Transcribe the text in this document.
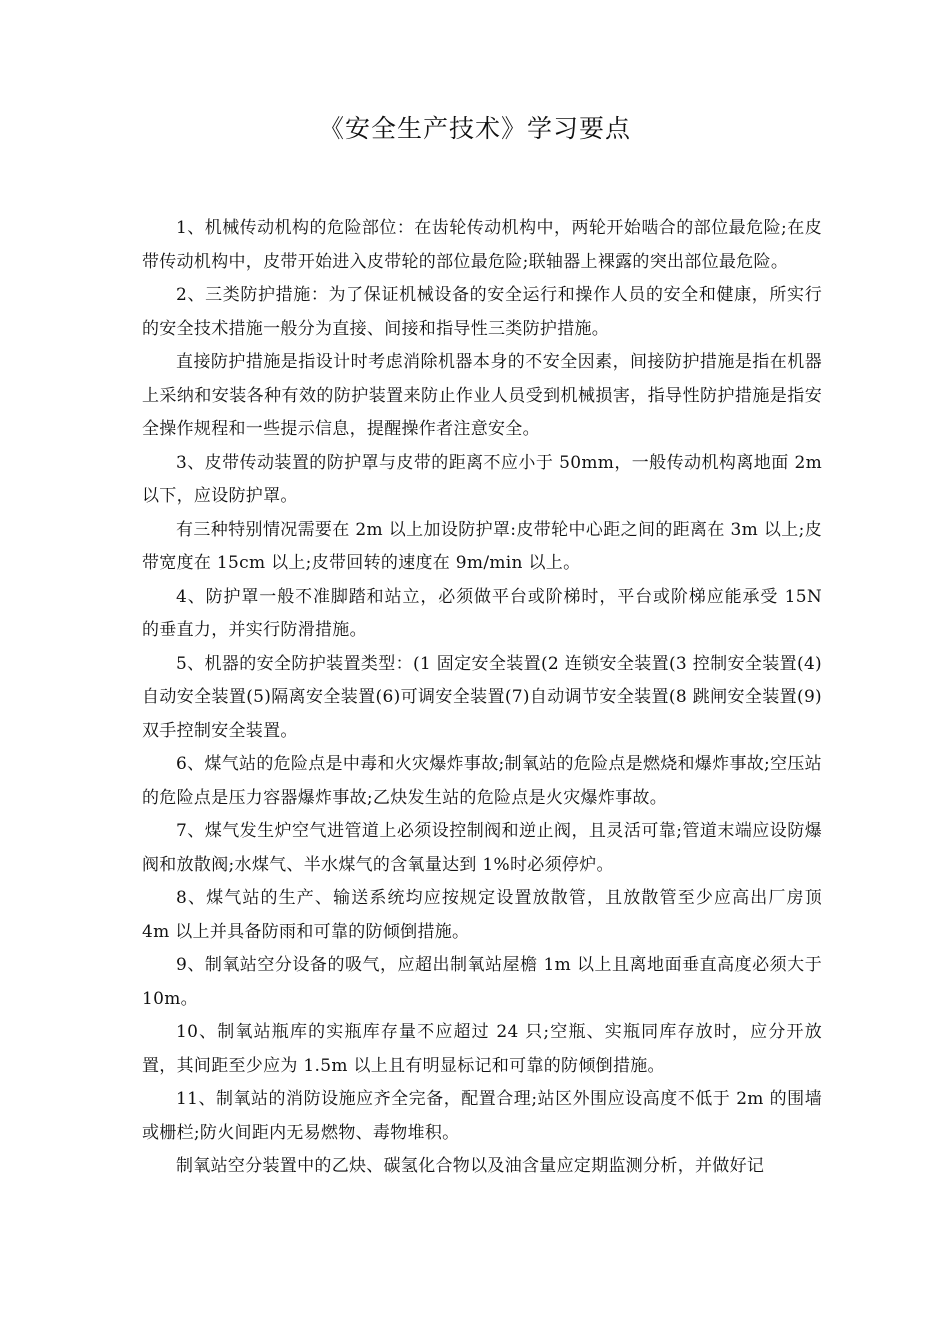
《安全生产技术》学习要点

1、机械传动机构的危险部位：在齿轮传动机构中，两轮开始啮合的部位最危险;在皮带传动机构中，皮带开始进入皮带轮的部位最危险;联轴器上裸露的突出部位最危险。

2、三类防护措施：为了保证机械设备的安全运行和操作人员的安全和健康，所实行的安全技术措施一般分为直接、间接和指导性三类防护措施。

直接防护措施是指设计时考虑消除机器本身的不安全因素，间接防护措施是指在机器上采纳和安装各种有效的防护装置来防止作业人员受到机械损害，指导性防护措施是指安全操作规程和一些提示信息，提醒操作者注意安全。

3、皮带传动装置的防护罩与皮带的距离不应小于 50mm，一般传动机构离地面 2m 以下，应设防护罩。

有三种特别情况需要在 2m 以上加设防护罩:皮带轮中心距之间的距离在 3m 以上;皮带宽度在 15cm 以上;皮带回转的速度在 9m/min 以上。

4、防护罩一般不准脚踏和站立，必须做平台或阶梯时，平台或阶梯应能承受 15N 的垂直力，并实行防滑措施。

5、机器的安全防护装置类型：(1 固定安全装置(2 连锁安全装置(3 控制安全装置(4)自动安全装置(5)隔离安全装置(6)可调安全装置(7)自动调节安全装置(8 跳闸安全装置(9)双手控制安全装置。

6、煤气站的危险点是中毒和火灾爆炸事故;制氧站的危险点是燃烧和爆炸事故;空压站的危险点是压力容器爆炸事故;乙炔发生站的危险点是火灾爆炸事故。

7、煤气发生炉空气进管道上必须设控制阀和逆止阀，且灵活可靠;管道末端应设防爆阀和放散阀;水煤气、半水煤气的含氧量达到 1%时必须停炉。

8、煤气站的生产、输送系统均应按规定设置放散管，且放散管至少应高出厂房顶 4m 以上并具备防雨和可靠的防倾倒措施。

9、制氧站空分设备的吸气，应超出制氧站屋檐 1m 以上且离地面垂直高度必须大于 10m。

10、制氧站瓶库的实瓶库存量不应超过 24 只;空瓶、实瓶同库存放时，应分开放置，其间距至少应为 1.5m 以上且有明显标记和可靠的防倾倒措施。

11、制氧站的消防设施应齐全完备，配置合理;站区外围应设高度不低于 2m 的围墙或栅栏;防火间距内无易燃物、毒物堆积。

制氧站空分装置中的乙炔、碳氢化合物以及油含量应定期监测分析，并做好记
